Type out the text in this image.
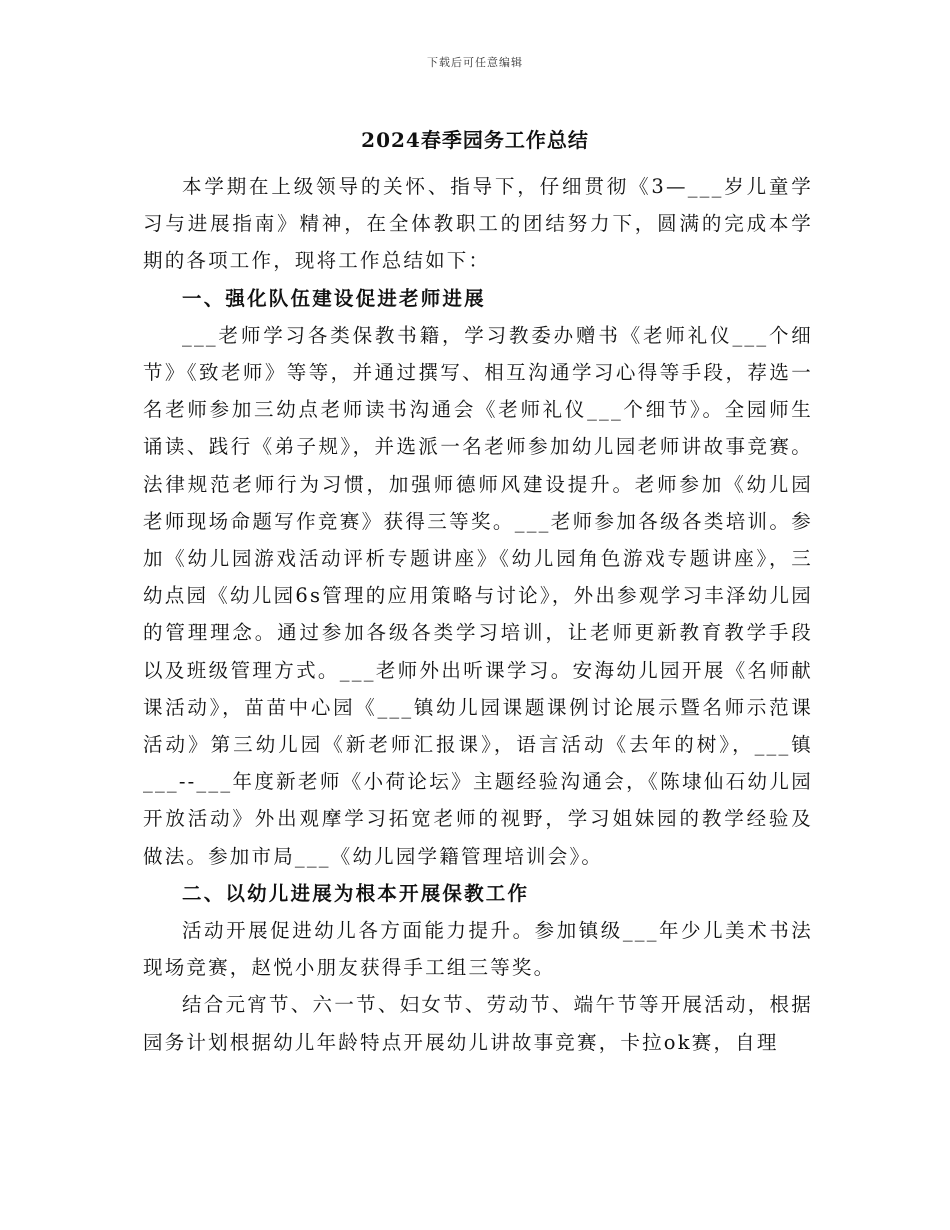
下载后可任意编辑
2024春季园务工作总结

本学期在上级领导的关怀、指导下，仔细贯彻《3—___岁儿童学习与进展指南》精神，在全体教职工的团结努力下，圆满的完成本学期的各项工作，现将工作总结如下：

一、强化队伍建设促进老师进展

___老师学习各类保教书籍，学习教委办赠书《老师礼仪___个细节》《致老师》等等，并通过撰写、相互沟通学习心得等手段，荐选一名老师参加三幼点老师读书沟通会《老师礼仪___个细节》。全园师生诵读、践行《弟子规》，并选派一名老师参加幼儿园老师讲故事竞赛。法律规范老师行为习惯，加强师德师风建设提升。老师参加《幼儿园老师现场命题写作竞赛》获得三等奖。___老师参加各级各类培训。参加《幼儿园游戏活动评析专题讲座》《幼儿园角色游戏专题讲座》，三幼点园《幼儿园6s管理的应用策略与讨论》，外出参观学习丰泽幼儿园的管理理念。通过参加各级各类学习培训，让老师更新教育教学手段以及班级管理方式。___老师外出听课学习。安海幼儿园开展《名师献课活动》，苗苗中心园《___镇幼儿园课题课例讨论展示暨名师示范课活动》第三幼儿园《新老师汇报课》，语言活动《去年的树》，___镇___--___年度新老师《小荷论坛》主题经验沟通会，《陈埭仙石幼儿园开放活动》外出观摩学习拓宽老师的视野，学习姐妹园的教学经验及做法。参加市局___《幼儿园学籍管理培训会》。

二、以幼儿进展为根本开展保教工作

活动开展促进幼儿各方面能力提升。参加镇级___年少儿美术书法现场竞赛，赵悦小朋友获得手工组三等奖。

结合元宵节、六一节、妇女节、劳动节、端午节等开展活动，根据园务计划根据幼儿年龄特点开展幼儿讲故事竞赛，卡拉ok赛，自理
